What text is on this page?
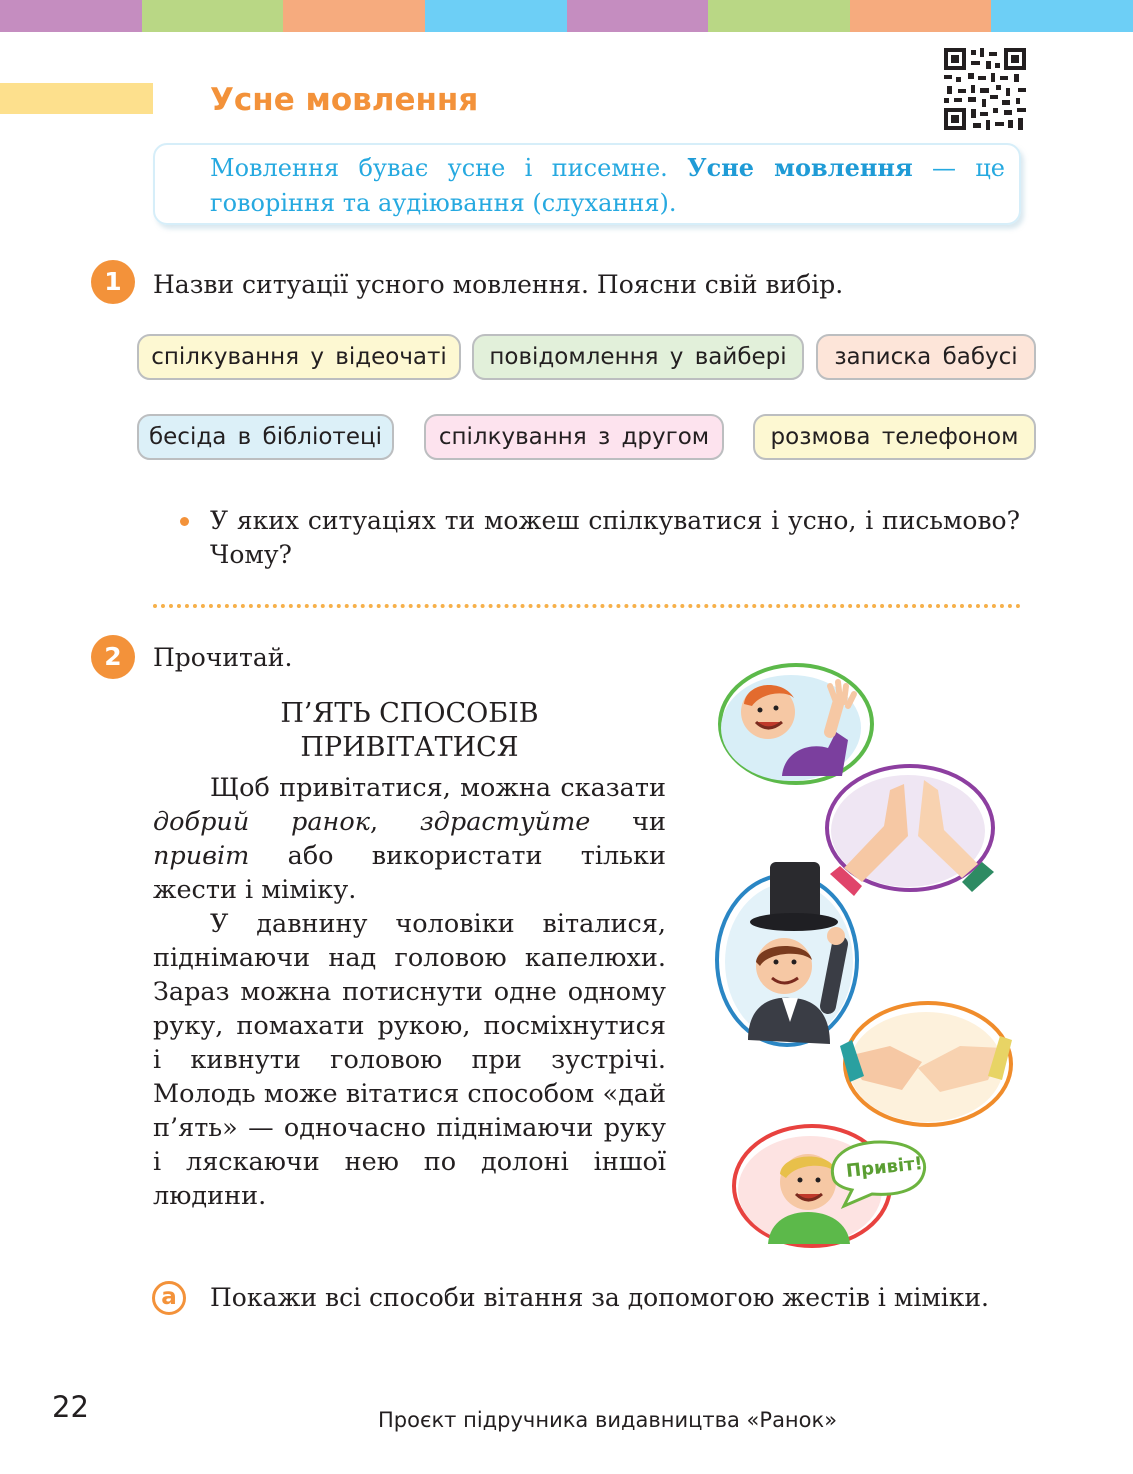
Усне мовлення
Мовлення буває усне і писемне. Усне мовлення — це говоріння та аудіювання (слухання).
1	Назви ситуації усного мовлення. Поясни свій вибір.
спілкування у відеочаті	повідомлення у вайбері	записка бабусі
бесіда в бібліотеці	спілкування з другом	розмова телефоном
У яких ситуаціях ти можеш спілкуватися і усно, і письмово? Чому?
2	Прочитай.
П’ЯТЬ СПОСОБІВ
ПРИВІТАТИСЯ

Щоб привітатися, можна сказати добрий ранок, здрастуйте чи привіт або використати тільки жести і міміку.

У давнину чоловіки віталися, піднімаючи над головою капелюхи. Зараз можна потиснути одне одному руку, помахати рукою, посміхнутися і кивнути головою при зустрічі. Молодь може вітатися способом «дай п’ять» — одночасно піднімаючи руку і ляскаючи нею по долоні іншої людини.

Привіт!
а	Покажи всі способи вітання за допомогою жестів і міміки.
22	Проєкт підручника видавництва «Ранок»
